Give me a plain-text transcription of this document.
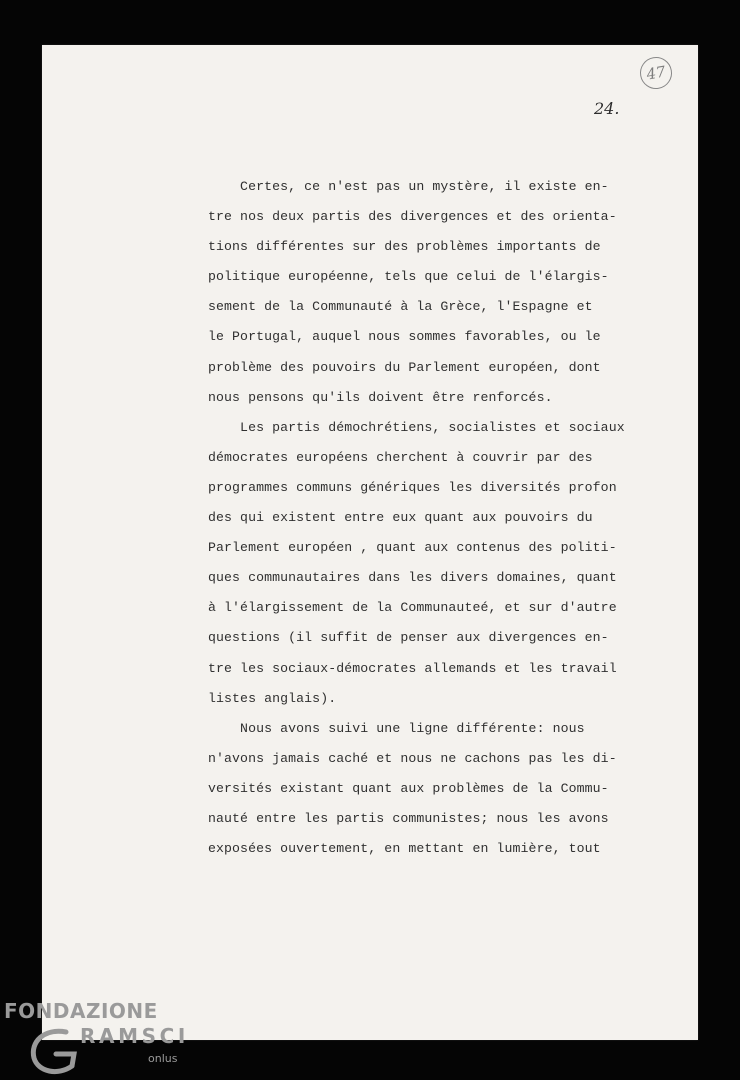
47
24.
Certes, ce n'est pas un mystère, il existe en-
tre nos deux partis des divergences et des orienta-
tions différentes sur des problèmes importants de
politique européenne, tels que celui de l'élargis-
sement de la Communauté à la Grèce, l'Espagne et
le Portugal, auquel nous sommes favorables, ou le
problème des pouvoirs du Parlement européen, dont
nous pensons qu'ils doivent être renforcés.
Les partis démochrétiens, socialistes et sociaux
démocrates européens cherchent à couvrir par des
programmes communs génériques les diversités profon
des qui existent entre eux quant aux pouvoirs du
Parlement européen , quant aux contenus des politi-
ques communautaires dans les divers domaines, quant
à l'élargissement de la Communauteé, et sur d'autre
questions (il suffit de penser aux divergences en-
tre les sociaux-démocrates allemands et les travail
listes anglais).
Nous avons suivi une ligne différente: nous
n'avons jamais caché et nous ne cachons pas les di-
versités existant quant aux problèmes de la Commu-
nauté entre les partis communistes; nous les avons
exposées ouvertement, en mettant en lumière, tout
FONDAZIONE
RAMSCI
onlus
